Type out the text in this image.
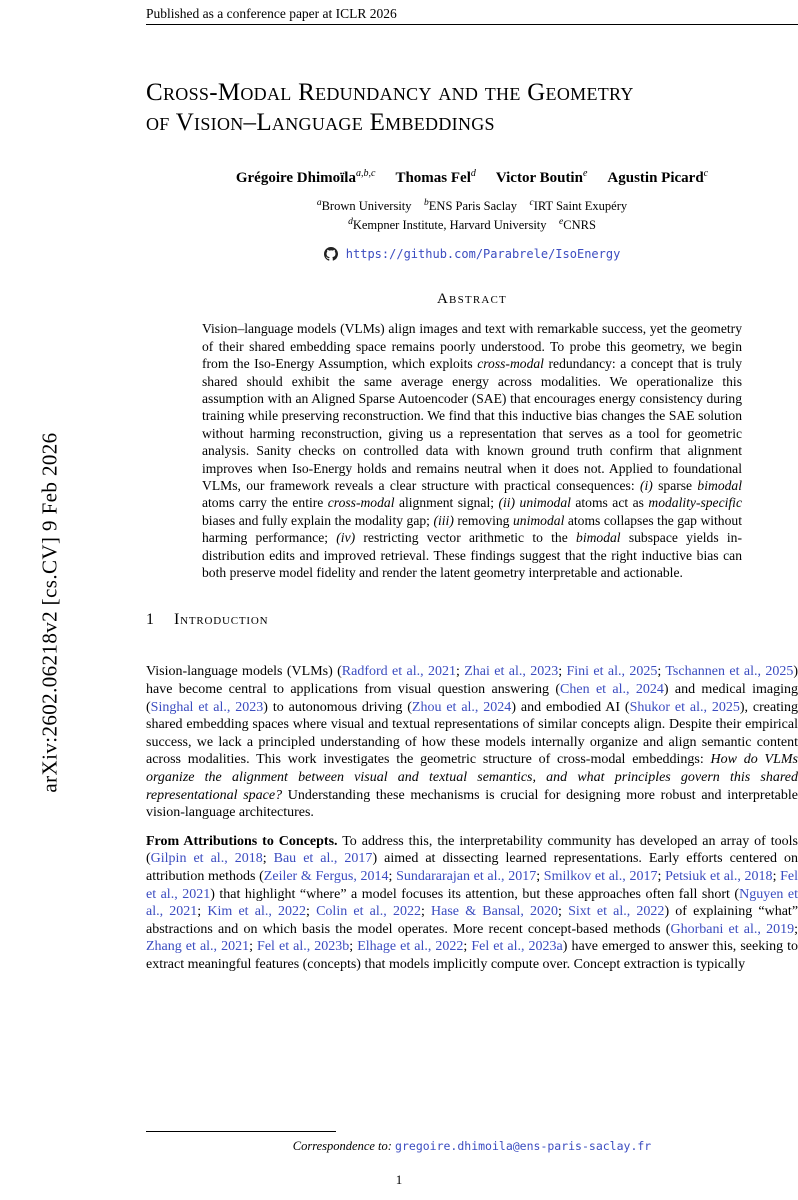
arXiv:2602.06218v2 [cs.CV] 9 Feb 2026
Published as a conference paper at ICLR 2026
Cross-Modal Redundancy and the Geometry
of Vision–Language Embeddings
Grégoire Dhimoïla$^{a,b,c}$ Thomas Fel$^d$ Victor Boutin$^e$ Agustin Picard$^c$
$^a$Brown University $^b$ENS Paris Saclay $^c$IRT Saint Exupéry
$^d$Kempner Institute, Harvard University $^e$CNRS
https://github.com/Parabrele/IsoEnergy
Abstract
Vision–language models (VLMs) align images and text with remarkable success, yet the geometry of their shared embedding space remains poorly understood. To probe this geometry, we begin from the Iso-Energy Assumption, which exploits cross-modal redundancy: a concept that is truly shared should exhibit the same average energy across modalities. We operationalize this assumption with an Aligned Sparse Autoencoder (SAE) that encourages energy consistency during training while preserving reconstruction. We find that this inductive bias changes the SAE solution without harming reconstruction, giving us a representation that serves as a tool for geometric analysis. Sanity checks on controlled data with known ground truth confirm that alignment improves when Iso-Energy holds and remains neutral when it does not. Applied to foundational VLMs, our framework reveals a clear structure with practical consequences: (i) sparse bimodal atoms carry the entire cross-modal alignment signal; (ii) unimodal atoms act as modality-specific biases and fully explain the modality gap; (iii) removing unimodal atoms collapses the gap without harming performance; (iv) restricting vector arithmetic to the bimodal subspace yields in-distribution edits and improved retrieval. These findings suggest that the right inductive bias can both preserve model fidelity and render the latent geometry interpretable and actionable.
1 Introduction

Vision-language models (VLMs) (Radford et al., 2021; Zhai et al., 2023; Fini et al., 2025; Tschannen et al., 2025) have become central to applications from visual question answering (Chen et al., 2024) and medical imaging (Singhal et al., 2023) to autonomous driving (Zhou et al., 2024) and embodied AI (Shukor et al., 2025), creating shared embedding spaces where visual and textual representations of similar concepts align. Despite their empirical success, we lack a principled understanding of how these models internally organize and align semantic content across modalities. This work investigates the geometric structure of cross-modal embeddings: How do VLMs organize the alignment between visual and textual semantics, and what principles govern this shared representational space? Understanding these mechanisms is crucial for designing more robust and interpretable vision-language architectures.

From Attributions to Concepts. To address this, the interpretability community has developed an array of tools (Gilpin et al., 2018; Bau et al., 2017) aimed at dissecting learned representations. Early efforts centered on attribution methods (Zeiler & Fergus, 2014; Sundararajan et al., 2017; Smilkov et al., 2017; Petsiuk et al., 2018; Fel et al., 2021) that highlight “where” a model focuses its attention, but these approaches often fall short (Nguyen et al., 2021; Kim et al., 2022; Colin et al., 2022; Hase & Bansal, 2020; Sixt et al., 2022) of explaining “what” abstractions and on which basis the model operates. More recent concept-based methods (Ghorbani et al., 2019; Zhang et al., 2021; Fel et al., 2023b; Elhage et al., 2022; Fel et al., 2023a) have emerged to answer this, seeking to extract meaningful features (concepts) that models implicitly compute over. Concept extraction is typically

Correspondence to: gregoire.dhimoila@ens-paris-saclay.fr
1
